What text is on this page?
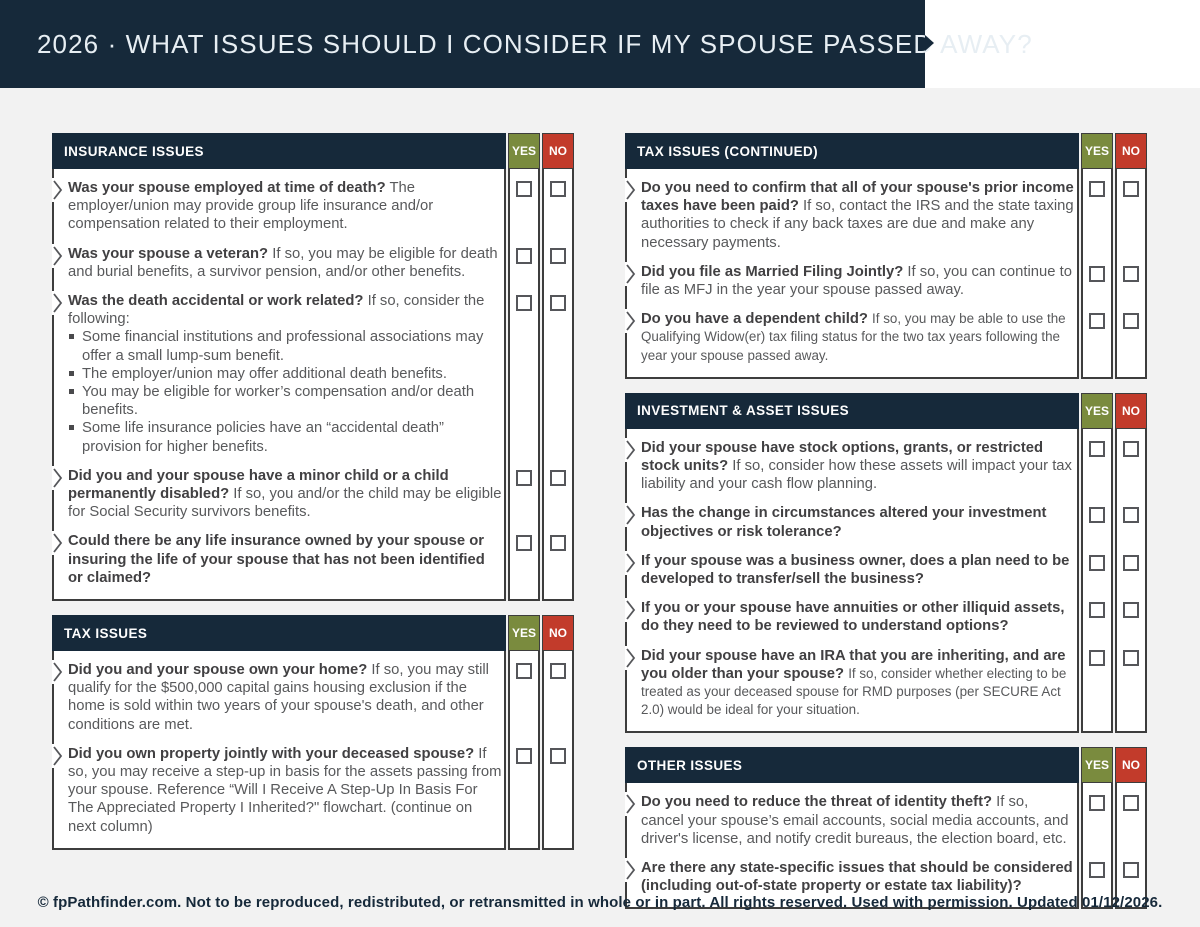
2026 · WHAT ISSUES SHOULD I CONSIDER IF MY SPOUSE PASSED AWAY?
INSURANCE ISSUES	YES	NO
Was your spouse employed at time of death? The employer/union may provide group life insurance and/or compensation related to their employment.
Was your spouse a veteran? If so, you may be eligible for death and burial benefits, a survivor pension, and/or other benefits.
Was the death accidental or work related? If so, consider the following:
Some financial institutions and professional associations may offer a small lump-sum benefit.
The employer/union may offer additional death benefits.
You may be eligible for worker’s compensation and/or death benefits.
Some life insurance policies have an “accidental death” provision for higher benefits.
Did you and your spouse have a minor child or a child permanently disabled? If so, you and/or the child may be eligible for Social Security survivors benefits.
Could there be any life insurance owned by your spouse or insuring the life of your spouse that has not been identified or claimed?
TAX ISSUES	YES	NO
Did you and your spouse own your home? If so, you may still qualify for the $500,000 capital gains housing exclusion if the home is sold within two years of your spouse's death, and other conditions are met.
Did you own property jointly with your deceased spouse? If so, you may receive a step-up in basis for the assets passing from your spouse. Reference “Will I Receive A Step-Up In Basis For The Appreciated Property I Inherited?" flowchart. (continue on next column)
TAX ISSUES (CONTINUED)	YES	NO
Do you need to confirm that all of your spouse's prior income taxes have been paid? If so, contact the IRS and the state taxing authorities to check if any back taxes are due and make any necessary payments.
Did you file as Married Filing Jointly? If so, you can continue to file as MFJ in the year your spouse passed away.
Do you have a dependent child? If so, you may be able to use the Qualifying Widow(er) tax filing status for the two tax years following the year your spouse passed away.
INVESTMENT & ASSET ISSUES	YES	NO
Did your spouse have stock options, grants, or restricted stock units? If so, consider how these assets will impact your tax liability and your cash flow planning.
Has the change in circumstances altered your investment objectives or risk tolerance?
If your spouse was a business owner, does a plan need to be developed to transfer/sell the business?
If you or your spouse have annuities or other illiquid assets, do they need to be reviewed to understand options?
Did your spouse have an IRA that you are inheriting, and are you older than your spouse? If so, consider whether electing to be treated as your deceased spouse for RMD purposes (per SECURE Act 2.0) would be ideal for your situation.
OTHER ISSUES	YES	NO
Do you need to reduce the threat of identity theft? If so, cancel your spouse’s email accounts, social media accounts, and driver's license, and notify credit bureaus, the election board, etc.
Are there any state-specific issues that should be considered (including out-of-state property or estate tax liability)?
© fpPathfinder.com. Not to be reproduced, redistributed, or retransmitted in whole or in part. All rights reserved. Used with permission. Updated 01/12/2026.
